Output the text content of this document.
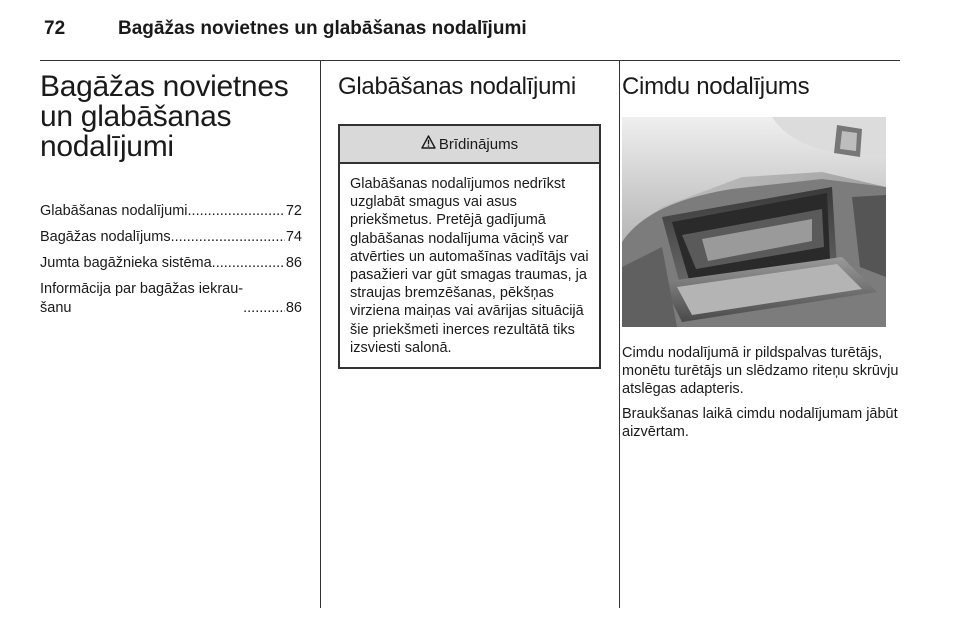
72	Bagāžas novietnes un glabāšanas nodalījumi
Bagāžas novietnes un glabāšanas nodalījumi
Glabāšanas nodalījumi .....	72
Bagāžas nodalījums .....	74
Jumta bagāžnieka sistēma .....	86
Informācija par bagāžas iekrau-
šanu .....	86
Glabāšanas nodalījumi
Brīdinājums
Glabāšanas nodalījumos nedrīkst uzglabāt smagus vai asus priekšmetus. Pretējā gadījumā glabāšanas nodalījuma vāciņš var atvērties un automašīnas vadītājs vai pasažieri var gūt smagas traumas, ja straujas bremzēšanas, pēkšņas virziena maiņas vai avārijas situācijā šie priekšmeti inerces rezultātā tiks izsviesti salonā.
Cimdu nodalījums

Cimdu nodalījumā ir pildspalvas turētājs, monētu turētājs un slēdzamo riteņu skrūvju atslēgas adapteris.

Braukšanas laikā cimdu nodalījumam jābūt aizvērtam.
